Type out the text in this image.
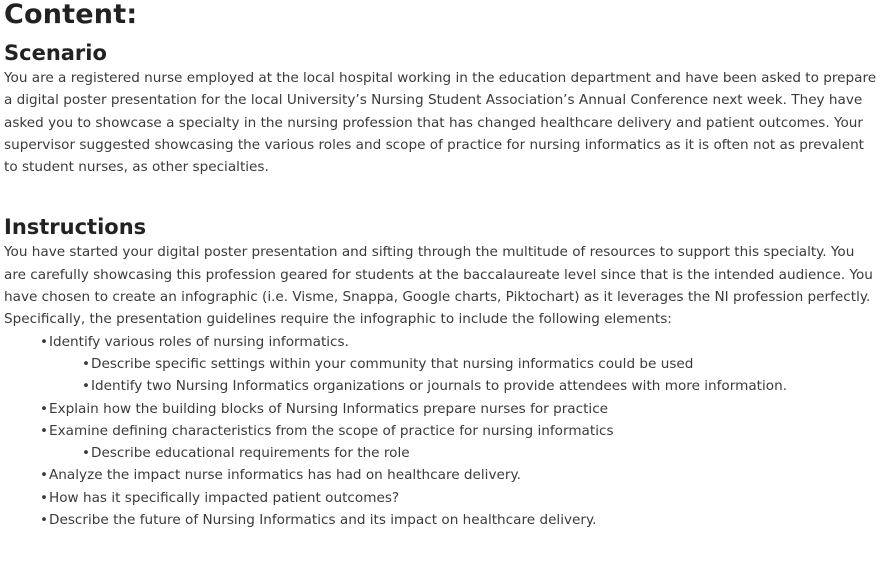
Content:
Scenario

You are a registered nurse employed at the local hospital working in the education department and have been asked to prepare a digital poster presentation for the local University’s Nursing Student Association’s Annual Conference next week. They have asked you to showcase a specialty in the nursing profession that has changed healthcare delivery and patient outcomes. Your supervisor suggested showcasing the various roles and scope of practice for nursing informatics as it is often not as prevalent to student nurses, as other specialties.

Instructions

You have started your digital poster presentation and sifting through the multitude of resources to support this specialty. You are carefully showcasing this profession geared for students at the baccalaureate level since that is the intended audience. You have chosen to create an infographic (i.e. Visme, Snappa, Google charts, Piktochart) as it leverages the NI profession perfectly. Specifically, the presentation guidelines require the infographic to include the following elements:

• Identify various roles of nursing informatics.
• Describe specific settings within your community that nursing informatics could be used
• Identify two Nursing Informatics organizations or journals to provide attendees with more information.
• Explain how the building blocks of Nursing Informatics prepare nurses for practice
• Examine defining characteristics from the scope of practice for nursing informatics
• Describe educational requirements for the role
• Analyze the impact nurse informatics has had on healthcare delivery.
• How has it specifically impacted patient outcomes?
• Describe the future of Nursing Informatics and its impact on healthcare delivery.
